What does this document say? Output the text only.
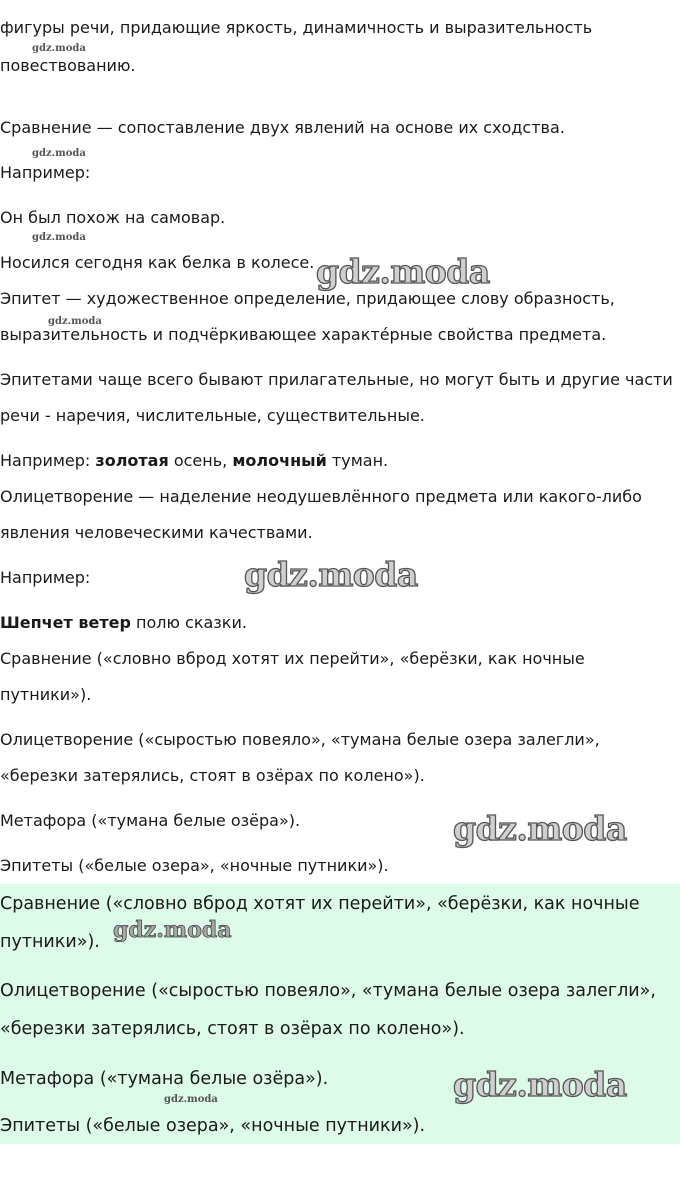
фигуры речи, придающие яркость, динамичность и выразительность
повествованию.
Сравнение — сопоставление двух явлений на основе их сходства.
Например:
Он был похож на самовар.
Носился сегодня как белка в колесе.
Эпитет — художественное определение, придающее слову образность,
выразительность и подчёркивающее характе́рные свойства предмета.
Эпитетами чаще всего бывают прилагательные, но могут быть и другие части
речи - наречия, числительные, существительные.
Например: золотая осень, молочный туман.
Олицетворение — наделение неодушевлённого предмета или какого-либо
явления человеческими качествами.
Например:
Шепчет ветер полю сказки.
Сравнение («словно вброд хотят их перейти», «берёзки, как ночные
путники»).
Олицетворение («сыростью повеяло», «тумана белые озера залегли»,
«березки затерялись, стоят в озёрах по колено»).
Метафора («тумана белые озёра»).
Эпитеты («белые озера», «ночные путники»).
Сравнение («словно вброд хотят их перейти», «берёзки, как ночные
путники»).
Олицетворение («сыростью повеяло», «тумана белые озера залегли»,
«березки затерялись, стоят в озёрах по колено»).
Метафора («тумана белые озёра»).
Эпитеты («белые озера», «ночные путники»).
gdz.moda
gdz.moda
gdz.moda
gdz.moda
gdz.moda
gdz.moda
gdz.moda
gdz.moda
gdz.moda
gdz.moda
